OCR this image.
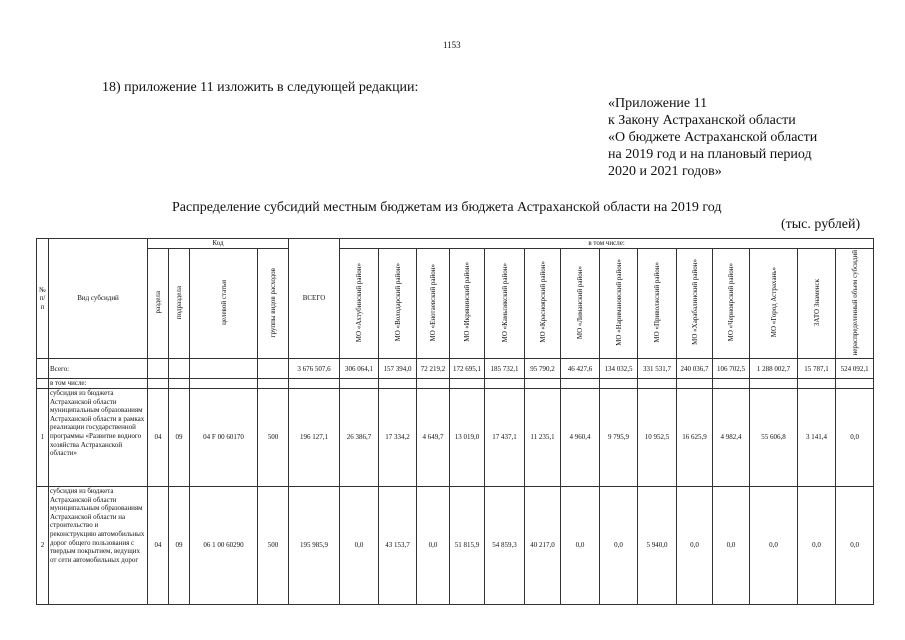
1153
18) приложение 11 изложить в следующей редакции:
«Приложение 11
к Закону Астраханской области
«О бюджете Астраханской области
на 2019 год и на плановый период
2020 и 2021 годов»
Распределение субсидий местным бюджетам из бюджета Астраханской области на 2019 год
(тыс. рублей)
№ п/п	Вид субсидий	Код				ВСЕГО	в том числе:													
		раздела	подраздела	целевой статьи	группы видов расходов		МО «Ахтубинский район»	МО «Володарский район»	МО «Енотаевский район»	МО «Икрянинский район»	МО «Камызякский район»	МО «Красноярский район»	МО «Лиманский район»	МО «Наримановский район»	МО «Приволжский район»	МО «Харабалинский район»	МО «Черноярский район»	МО «Город Астрахань»	ЗАТО Знаменск	нераспределенный объем субсидий
	Всего:					3 676 507,6	306 064,1	157 394,0	72 219,2	172 695,1	185 732,1	95 790,2	46 427,6	134 032,5	331 531,7	240 036,7	106 702,5	1 288 002,7	15 787,1	524 092,1
	в том числе:																			
1	субсидия из бюджета Астраханской области муниципальным образованиям Астраханской области в рамках реализации государственной программы «Развитие водного хозяйства Астраханской области»	04	09	04 F 00 60170	500	196 127,1	26 386,7	17 334,2	4 649,7	13 019,0	17 437,1	11 235,1	4 960,4	9 795,9	10 952,5	16 625,9	4 982,4	55 606,8	3 141,4	0,0
2	субсидия из бюджета Астраханской области муниципальным образованиям Астраханской области на строительство и реконструкцию автомобильных дорог общего пользования с твердым покрытием, ведущих от сети автомобильных дорог	04	09	06 1 00 60290	500	195 985,9	0,0	43 153,7	0,0	51 815,9	54 859,3	40 217,0	0,0	0,0	5 940,0	0,0	0,0	0,0	0,0	0,0
